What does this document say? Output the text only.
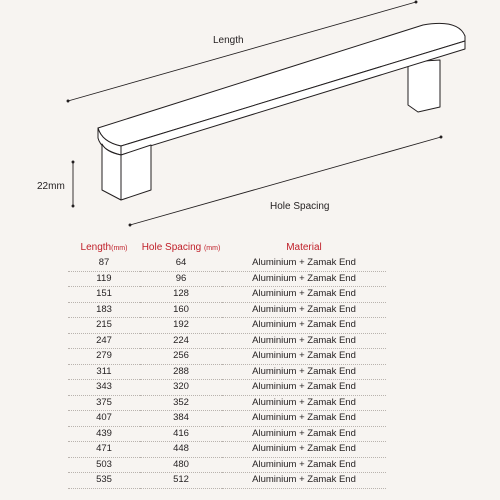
Length
22mm
Hole Spacing
Length(mm)	Hole Spacing (mm)	Material
87	64	Aluminium + Zamak End
119	96	Aluminium + Zamak End
151	128	Aluminium + Zamak End
183	160	Aluminium + Zamak End
215	192	Aluminium + Zamak End
247	224	Aluminium + Zamak End
279	256	Aluminium + Zamak End
311	288	Aluminium + Zamak End
343	320	Aluminium + Zamak End
375	352	Aluminium + Zamak End
407	384	Aluminium + Zamak End
439	416	Aluminium + Zamak End
471	448	Aluminium + Zamak End
503	480	Aluminium + Zamak End
535	512	Aluminium + Zamak End
